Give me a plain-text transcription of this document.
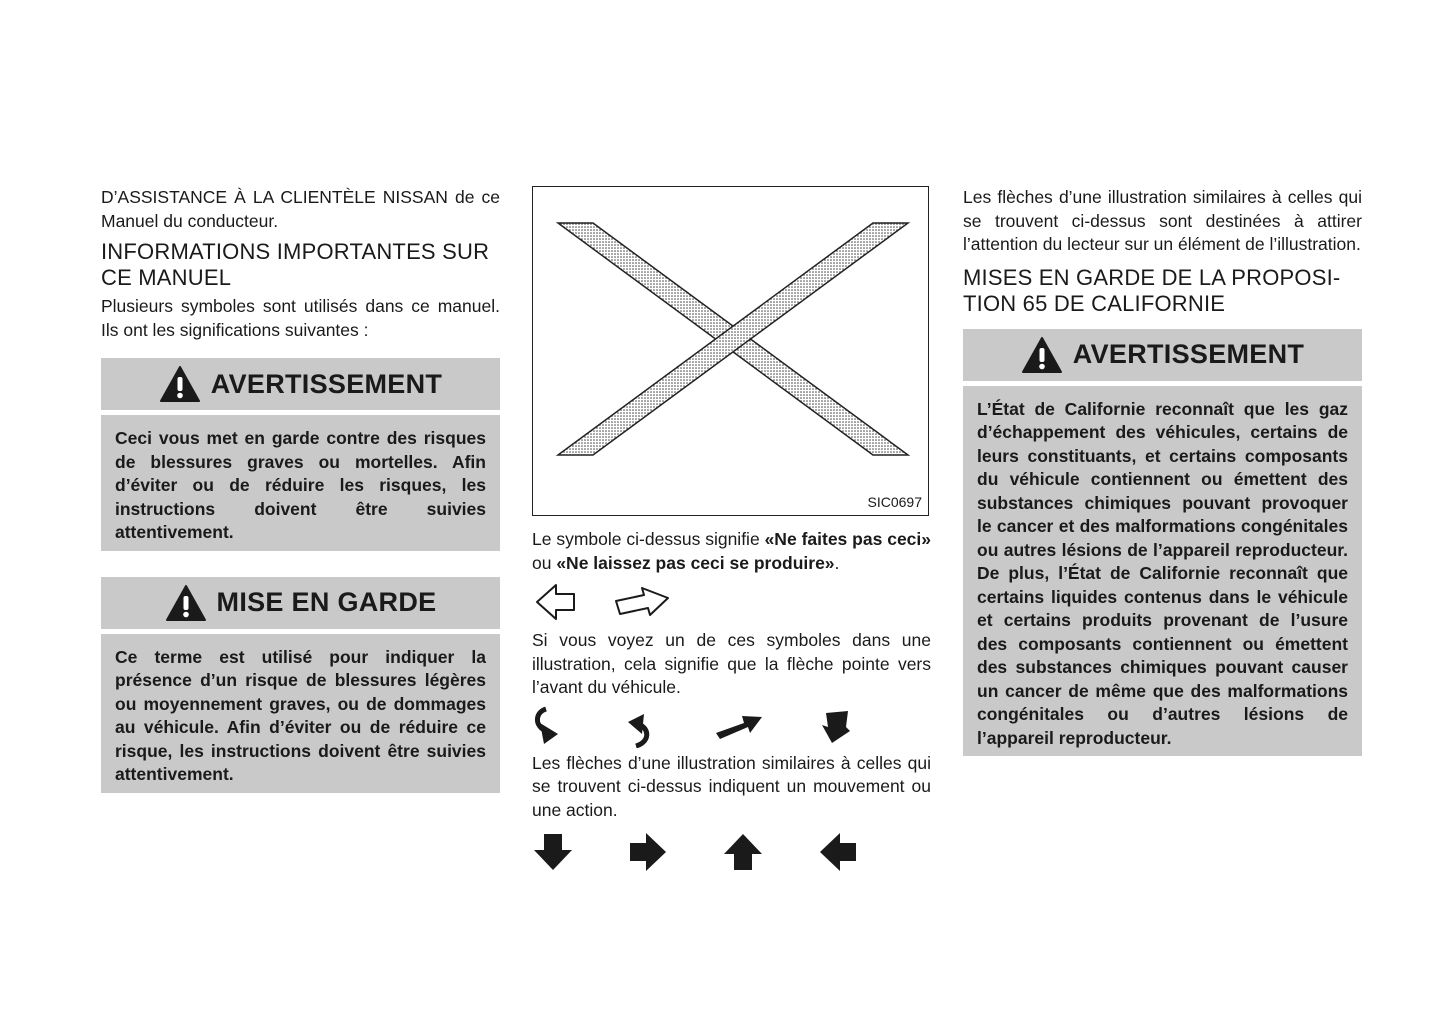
D’ASSISTANCE À LA CLIENTÈLE NISSAN de ce Manuel du conducteur.

INFORMATIONS IMPORTANTES SUR
CE MANUEL

Plusieurs symboles sont utilisés dans ce manuel. Ils ont les significations suivantes :

AVERTISSEMENT
Ceci vous met en garde contre des risques de blessures graves ou mortelles. Afin d’éviter ou de réduire les risques, les instructions doivent être suivies attentivement.
MISE EN GARDE
Ce terme est utilisé pour indiquer la présence d’un risque de blessures légères ou moyennement graves, ou de dommages au véhicule. Afin d’éviter ou de réduire ce risque, les instructions doivent être suivies attentivement.
SIC0697

Le symbole ci-dessus signifie «Ne faites pas ceci» ou «Ne laissez pas ceci se produire».

Si vous voyez un de ces symboles dans une illustration, cela signifie que la flèche pointe vers l’avant du véhicule.

Les flèches d’une illustration similaires à celles qui se trouvent ci-dessus indiquent un mouvement ou une action.

Les flèches d’une illustration similaires à celles qui se trouvent ci-dessus sont destinées à attirer l’attention du lecteur sur un élément de l’illustration.

MISES EN GARDE DE LA PROPOSI-
TION 65 DE CALIFORNIE
AVERTISSEMENT
L’État de Californie reconnaît que les gaz d’échappement des véhicules, certains de leurs constituants, et certains composants du véhicule contiennent ou émettent des substances chimiques pouvant provoquer le cancer et des malformations congénitales ou autres lésions de l’appareil reproducteur. De plus, l’État de Californie reconnaît que certains liquides contenus dans le véhicule et certains produits provenant de l’usure des composants contiennent ou émettent des substances chimiques pouvant causer un cancer de même que des malformations congénitales ou d’autres lésions de l’appareil reproducteur.
